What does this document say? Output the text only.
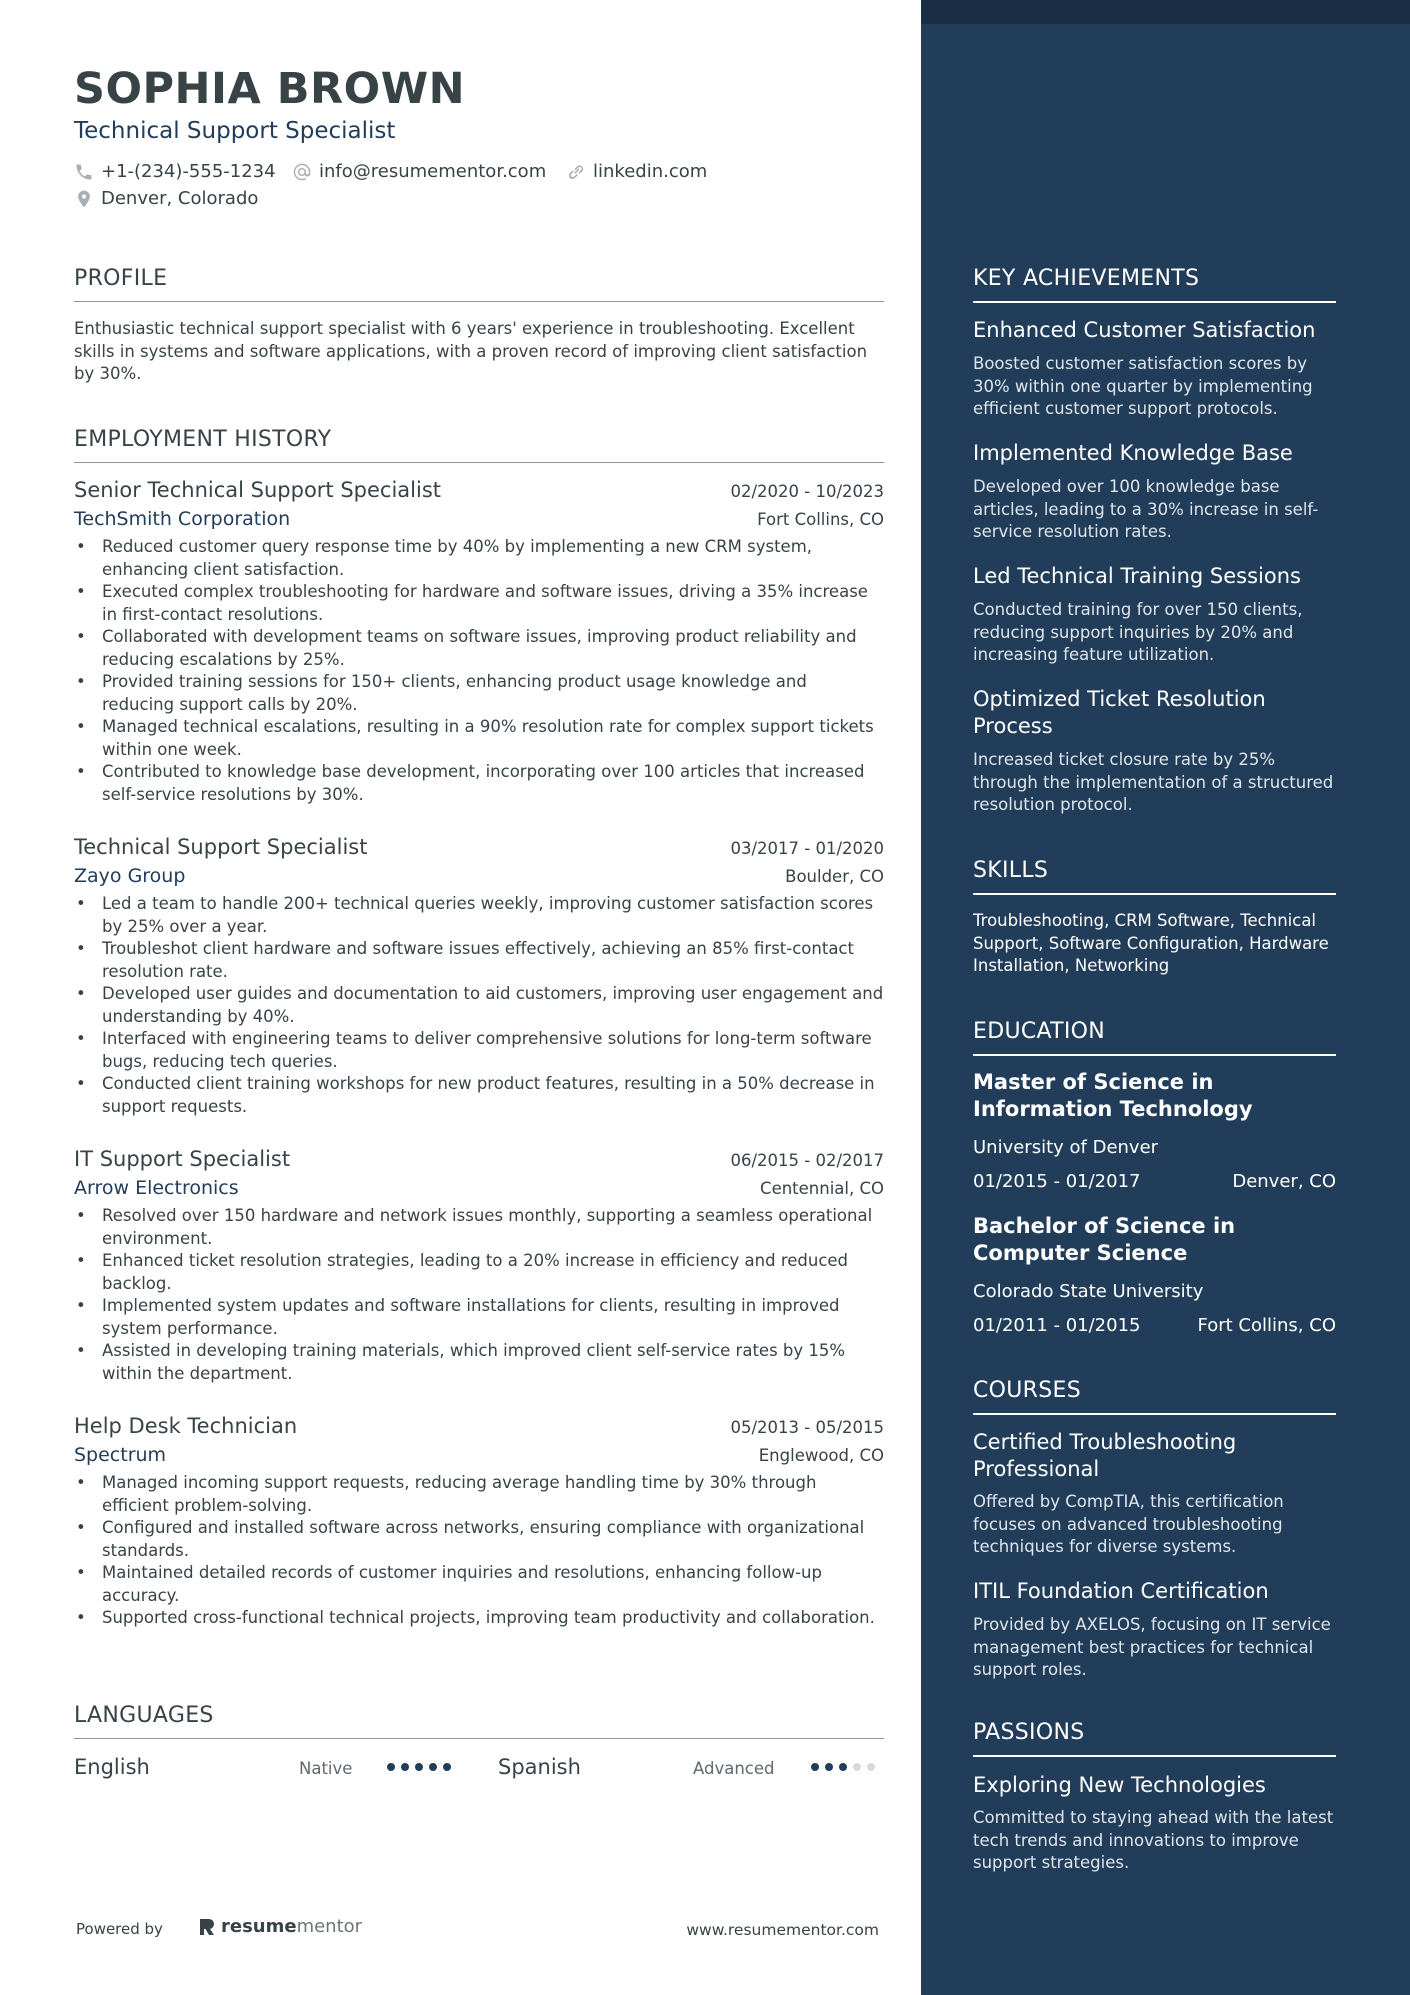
SOPHIA BROWN
Technical Support Specialist
+1-(234)-555-1234 info@resumementor.com	linkedin.com
Denver, Colorado
PROFILE
Enthusiastic technical support specialist with 6 years' experience in troubleshooting. Excellent skills in systems and software applications, with a proven record of improving client satisfaction by 30%.
EMPLOYMENT HISTORY
Senior Technical Support Specialist	02/2020 - 10/2023
TechSmith Corporation	Fort Collins, CO
• Reduced customer query response time by 40% by implementing a new CRM system, enhancing client satisfaction.
• Executed complex troubleshooting for hardware and software issues, driving a 35% increase in first-contact resolutions.
• Collaborated with development teams on software issues, improving product reliability and reducing escalations by 25%.
• Provided training sessions for 150+ clients, enhancing product usage knowledge and reducing support calls by 20%.
• Managed technical escalations, resulting in a 90% resolution rate for complex support tickets within one week.
• Contributed to knowledge base development, incorporating over 100 articles that increased self-service resolutions by 30%.
Technical Support Specialist	03/2017 - 01/2020
Zayo Group	Boulder, CO
• Led a team to handle 200+ technical queries weekly, improving customer satisfaction scores by 25% over a year.
• Troubleshot client hardware and software issues effectively, achieving an 85% first-contact resolution rate.
• Developed user guides and documentation to aid customers, improving user engagement and understanding by 40%.
• Interfaced with engineering teams to deliver comprehensive solutions for long-term software bugs, reducing tech queries.
• Conducted client training workshops for new product features, resulting in a 50% decrease in support requests.
IT Support Specialist	06/2015 - 02/2017
Arrow Electronics	Centennial, CO
• Resolved over 150 hardware and network issues monthly, supporting a seamless operational environment.
• Enhanced ticket resolution strategies, leading to a 20% increase in efficiency and reduced backlog.
• Implemented system updates and software installations for clients, resulting in improved system performance.
• Assisted in developing training materials, which improved client self-service rates by 15% within the department.
Help Desk Technician	05/2013 - 05/2015
Spectrum	Englewood, CO
• Managed incoming support requests, reducing average handling time by 30% through efficient problem-solving.
• Configured and installed software across networks, ensuring compliance with organizational standards.
• Maintained detailed records of customer inquiries and resolutions, enhancing follow-up accuracy.
• Supported cross-functional technical projects, improving team productivity and collaboration.
LANGUAGES
English	Native	Spanish	Advanced
Powered by	resumementor	www.resumementor.com
KEY ACHIEVEMENTS
Enhanced Customer Satisfaction
Boosted customer satisfaction scores by 30% within one quarter by implementing efficient customer support protocols.
Implemented Knowledge Base
Developed over 100 knowledge base articles, leading to a 30% increase in self-service resolution rates.
Led Technical Training Sessions
Conducted training for over 150 clients, reducing support inquiries by 20% and increasing feature utilization.
Optimized Ticket Resolution Process
Increased ticket closure rate by 25% through the implementation of a structured resolution protocol.
SKILLS
Troubleshooting, CRM Software, Technical Support, Software Configuration, Hardware Installation, Networking
EDUCATION
Master of Science in Information Technology
University of Denver
01/2015 - 01/2017	Denver, CO
Bachelor of Science in Computer Science
Colorado State University
01/2011 - 01/2015	Fort Collins, CO
COURSES
Certified Troubleshooting Professional
Offered by CompTIA, this certification focuses on advanced troubleshooting techniques for diverse systems.
ITIL Foundation Certification
Provided by AXELOS, focusing on IT service management best practices for technical support roles.
PASSIONS
Exploring New Technologies
Committed to staying ahead with the latest tech trends and innovations to improve support strategies.
